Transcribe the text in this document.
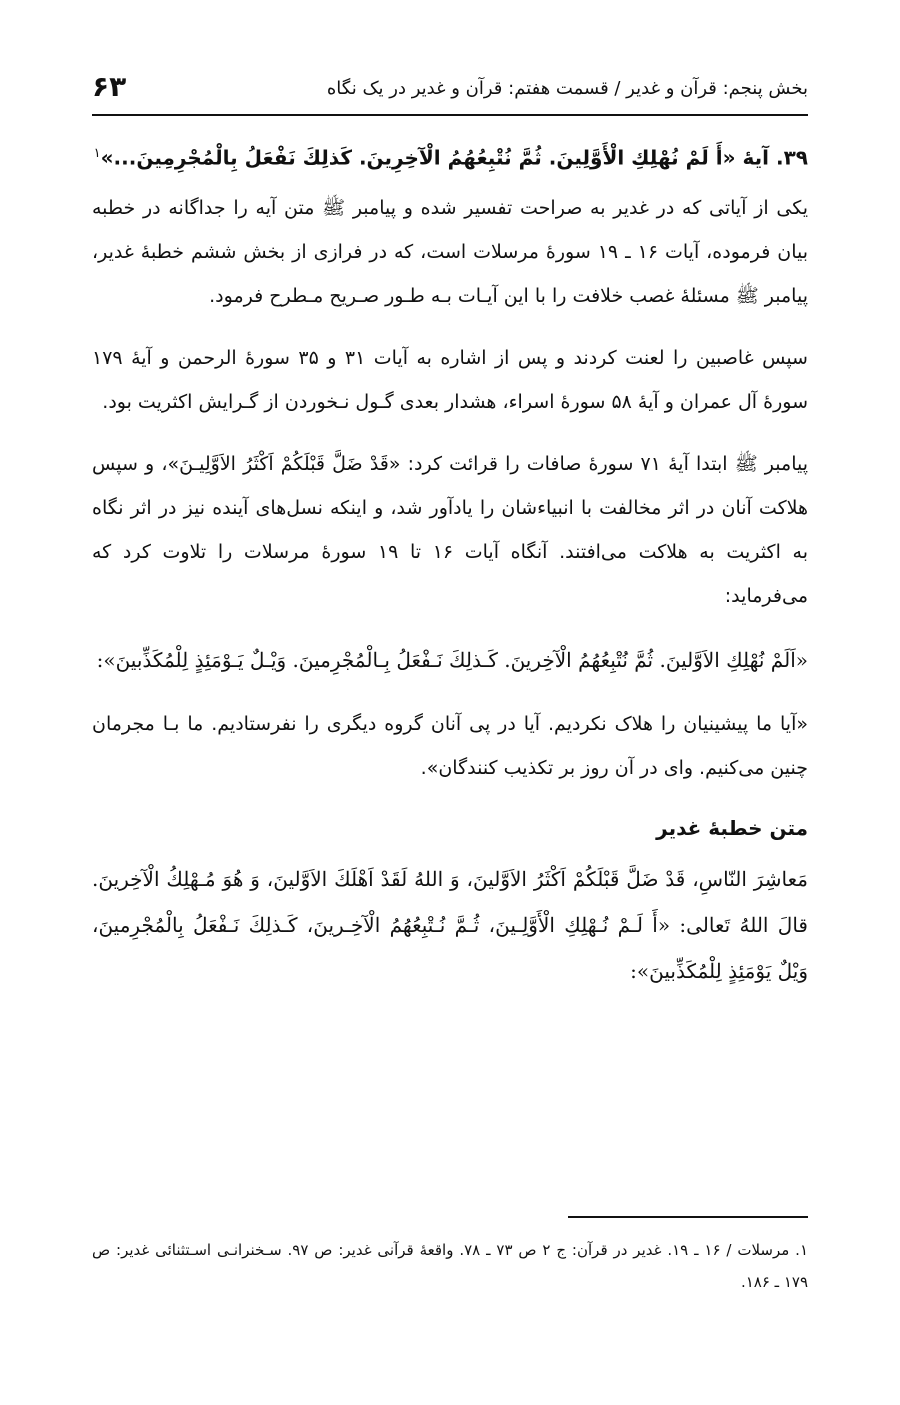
بخش پنجم: قرآن و غدیر / قسمت هفتم: قرآن و غدیر در یک نگاه
۶۳
۳۹. آیهٔ «أَ لَمْ نُهْلِكِ الْأَوَّلِينَ. ثُمَّ نُتْبِعُهُمُ الْآخِرِينَ. كَذلِكَ نَفْعَلُ بِالْمُجْرِمِينَ...»$^۱$

یکی از آیاتی که در غدیر به صراحت تفسیر شده و پیامبر ﷺ متن آیه را جداگانه در خطبه بیان فرموده، آیات ۱۶ ـ ۱۹ سورهٔ مرسلات است، که در فرازی از بخش ششم خطبهٔ غدیر، پیامبر ﷺ مسئلهٔ غصب خلافت را با این آیـات بـه طـور صـریح مـطرح فرمود.

سپس غاصبین را لعنت کردند و پس از اشاره به آیات ۳۱ و ۳۵ سورهٔ الرحمن و آیهٔ ۱۷۹ سورهٔ آل عمران و آیهٔ ۵۸ سورهٔ اسراء، هشدار بعدی گـول نـخوردن از گـرایش اکثریت بود.

پیامبر ﷺ ابتدا آیهٔ ۷۱ سورهٔ صافات را قرائت کرد: «قَدْ ضَلَّ قَبْلَكُمْ اَكْثَرُ الاَوَّلِيـنَ»، و سپس هلاکت آنان در اثر مخالفت با انبیاءشان را یادآور شد، و اینکه نسل‌های آینده نیز در اثر نگاه به اکثریت به هلاکت می‌افتند. آنگاه آیات ۱۶ تا ۱۹ سورهٔ مرسلات را تلاوت کرد که می‌فرماید:

«اَلَمْ نُهْلِكِ الاَوَّلينَ. ثُمَّ نُتْبِعُهُمُ الْآخِرينَ. كَـذلِكَ نَـفْعَلُ بِـالْمُجْرِمينَ. وَيْـلٌ يَـوْمَئِذٍ لِلْمُكَذِّبينَ»:

«آیا ما پیشینیان را هلاک نکردیم. آیا در پی آنان گروه دیگری را نفرستادیم. ما بـا مجرمان چنین می‌کنیم. وای در آن روز بر تکذیب کنندگان».

متن خطبهٔ غدیر

مَعاشِرَ النّاسِ، قَدْ ضَلَّ قَبْلَكُمْ اَكْثَرُ الاَوَّلينَ، وَ اللهُ لَقَدْ اَهْلَكَ الاَوَّلينَ، وَ هُوَ مُـهْلِكُ الْآخِرينَ. قالَ اللهُ تَعالى: «أَ لَـمْ نُـهْلِكِ الْأَوَّلِـينَ، ثُـمَّ نُـتْبِعُهُمُ الْآخِـرينَ، كَـذلِكَ نَـفْعَلُ بِالْمُجْرِمينَ، وَيْلٌ يَوْمَئِذٍ لِلْمُكَذِّبينَ»:

۱. مرسلات / ۱۶ ـ ۱۹. غدیر در قرآن: ج ۲ ص ۷۳ ـ ۷۸. واقعهٔ قرآنی غدیر: ص ۹۷. سـخنرانـی اسـتثنائی غدیر: ص ۱۷۹ ـ ۱۸۶.
